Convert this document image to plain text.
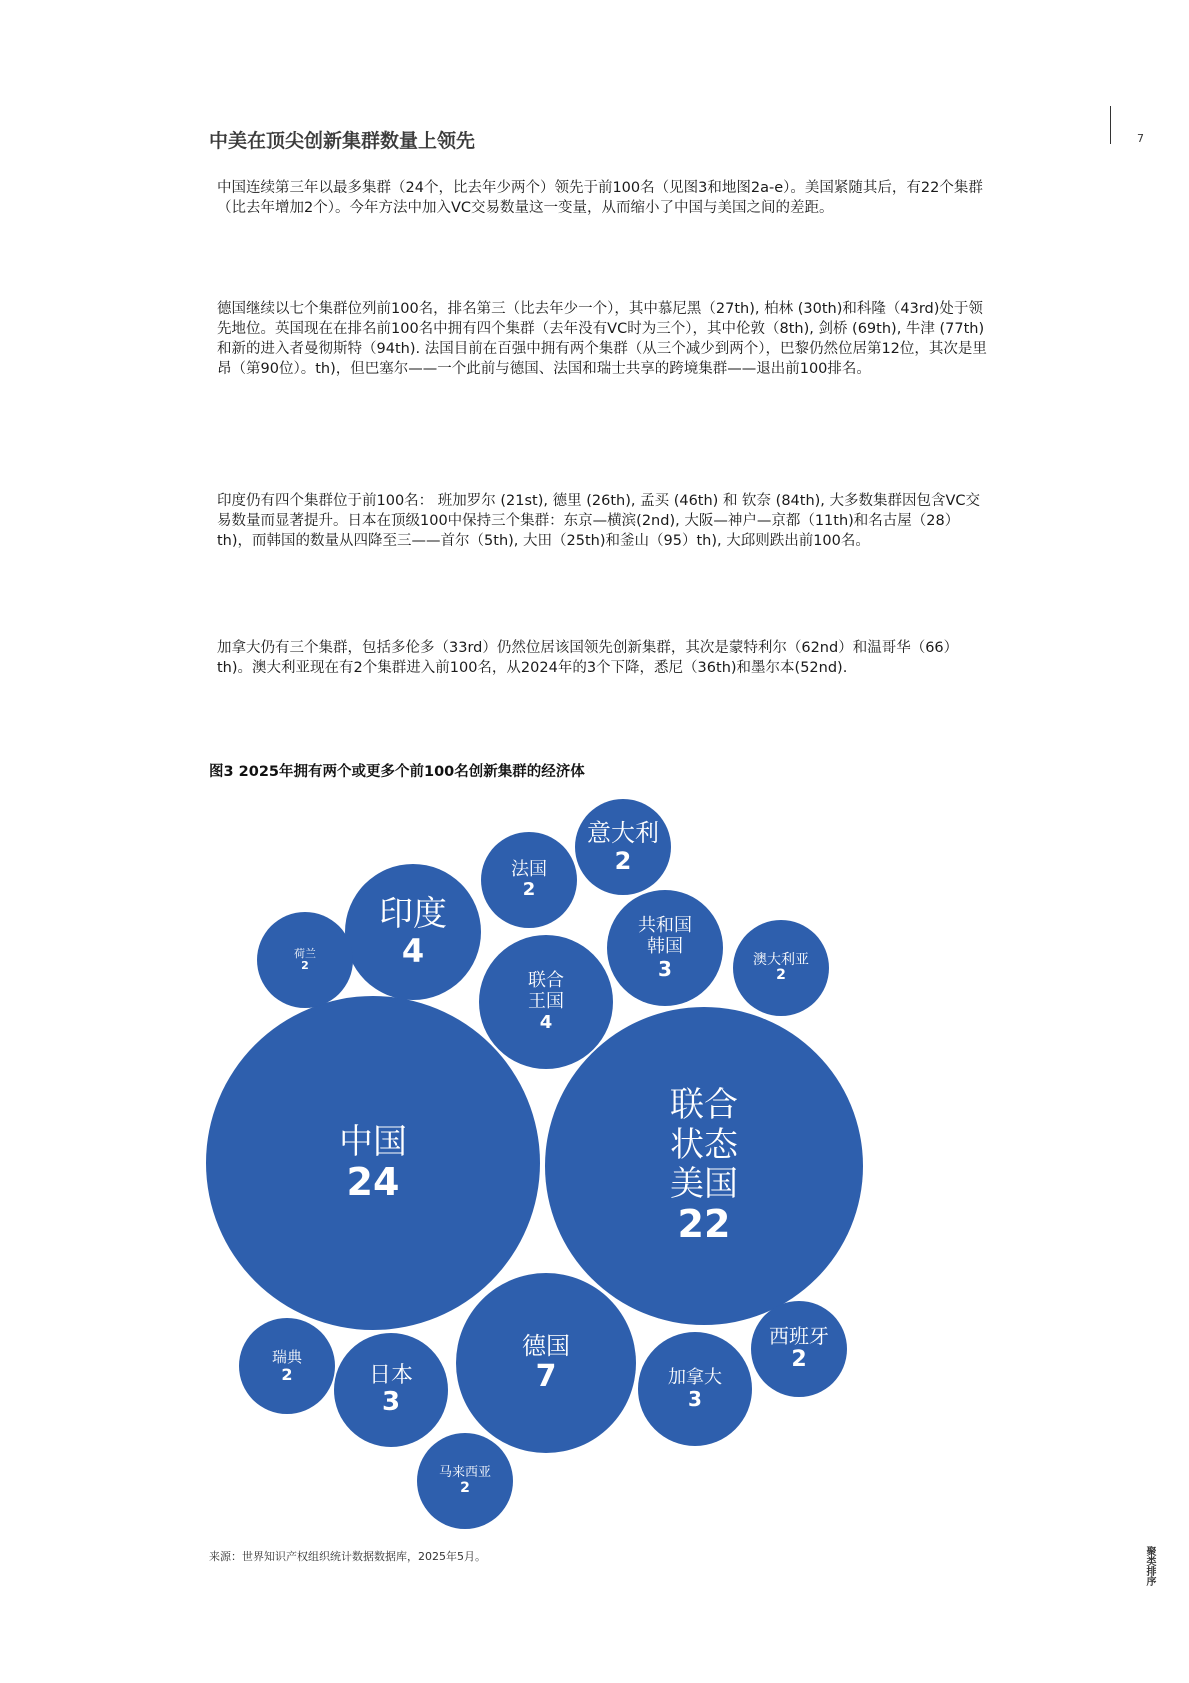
7
中美在顶尖创新集群数量上领先

中国连续第三年以最多集群（24个，比去年少两个）领先于前100名（见图3和地图2a-e）。美国紧随其后，有22个集群（比去年增加2个）。今年方法中加入VC交易数量这一变量，从而缩小了中国与美国之间的差距。

德国继续以七个集群位列前100名，排名第三（比去年少一个），其中慕尼黑（27th), 柏林 (30th)和科隆（43rd)处于领先地位。英国现在在排名前100名中拥有四个集群（去年没有VC时为三个），其中伦敦（8th), 剑桥 (69th), 牛津 (77th)和新的进入者曼彻斯特（94th). 法国目前在百强中拥有两个集群（从三个减少到两个），巴黎仍然位居第12位，其次是里昂（第90位）。th)，但巴塞尔——一个此前与德国、法国和瑞士共享的跨境集群——退出前100排名。

印度仍有四个集群位于前100名： 班加罗尔 (21st), 德里 (26th), 孟买 (46th) 和 钦奈 (84th), 大多数集群因包含VC交易数量而显著提升。日本在顶级100中保持三个集群：东京—横滨(2nd), 大阪—神户—京都（11th)和名古屋（28）th)，而韩国的数量从四降至三——首尔（5th), 大田（25th)和釜山（95）th), 大邱则跌出前100名。

加拿大仍有三个集群，包括多伦多（33rd）仍然位居该国领先创新集群，其次是蒙特利尔（62nd）和温哥华（66）th)。澳大利亚现在有2个集群进入前100名，从2024年的3个下降，悉尼（36th)和墨尔本(52nd).

图3 2025年拥有两个或更多个前100名创新集群的经济体
中国
24
联合
状态
美国
22
德国
7
印度
4
联合
王国
4
共和国
韩国
3
日本
3
加拿大
3
意大利
2
法国
2
荷兰
2	澳大利亚
2
西班牙
2
瑞典
2
马来西亚
2

来源：世界知识产权组织统计数据数据库，2025年5月。	聚类排序
